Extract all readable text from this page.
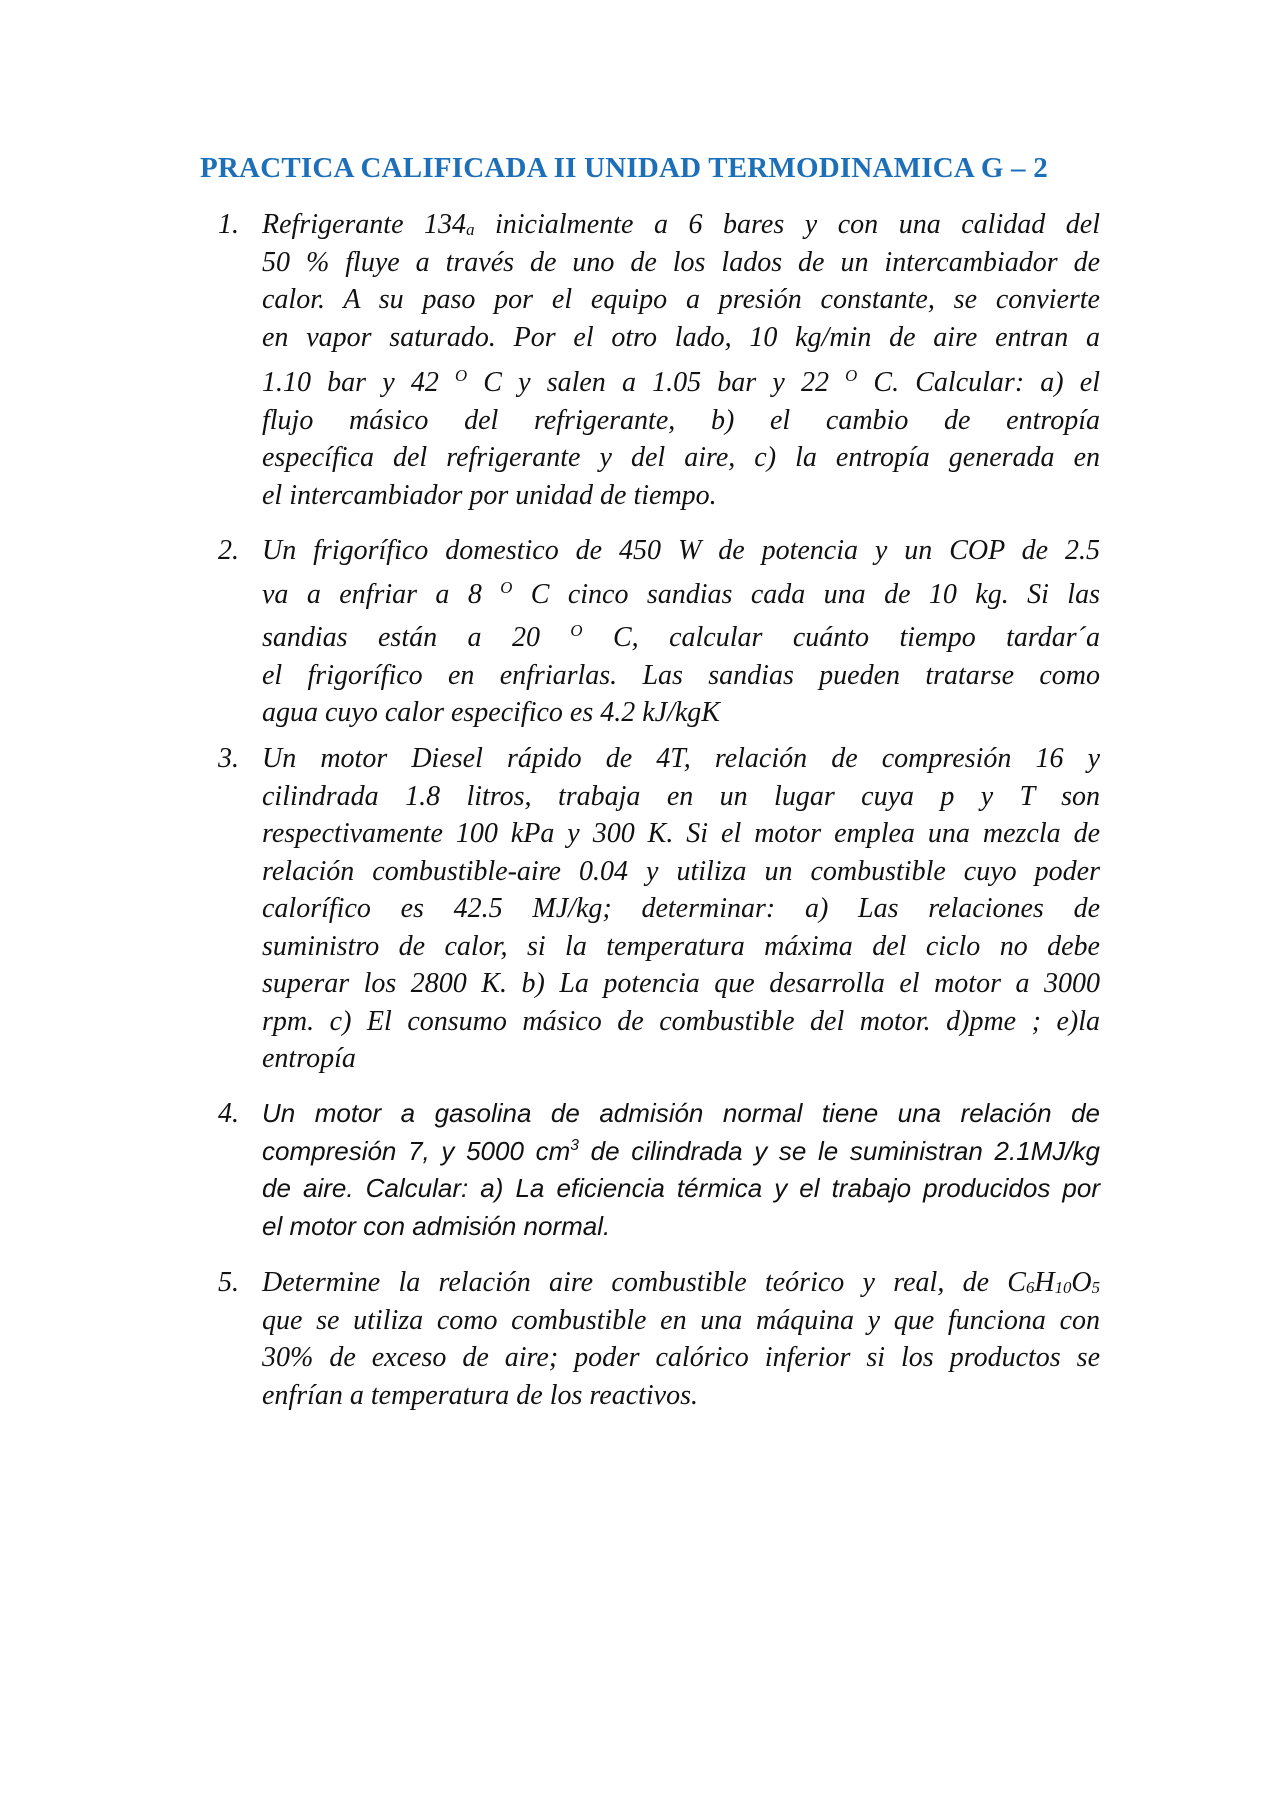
PRACTICA CALIFICADA II UNIDAD TERMODINAMICA G – 2
1. Refrigerante $134_a$ inicialmente a 6 bares y con una calidad del
50 % fluye a través de uno de los lados de un intercambiador de
calor. A su paso por el equipo a presión constante, se convierte
en vapor saturado. Por el otro lado, 10 kg/min de aire entran a
1.10 bar y 42 $^O$ C y salen a 1.05 bar y 22 $^O$ C. Calcular: a) el
flujo másico del refrigerante, b) el cambio de entropía
específica del refrigerante y del aire, c) la entropía generada en
el intercambiador por unidad de tiempo.
2. Un frigorífico domestico de 450 W de potencia y un COP de 2.5
va a enfriar a 8 $^O$ C cinco sandias cada una de 10 kg. Si las
sandias están a 20 $^O$ C, calcular cuánto tiempo tardar´a
el frigorífico en enfriarlas. Las sandias pueden tratarse como
agua cuyo calor especifico es 4.2 kJ/kgK
3. Un motor Diesel rápido de 4T, relación de compresión 16 y
cilindrada 1.8 litros, trabaja en un lugar cuya p y T son
respectivamente 100 kPa y 300 K. Si el motor emplea una mezcla de
relación combustible-aire 0.04 y utiliza un combustible cuyo poder
calorífico es 42.5 MJ/kg; determinar: a) Las relaciones de
suministro de calor, si la temperatura máxima del ciclo no debe
superar los 2800 K. b) La potencia que desarrolla el motor a 3000
rpm. c) El consumo másico de combustible del motor. d)pme ; e)la
entropía
4. Un motor a gasolina de admisión normal tiene una relación de
compresión 7, y 5000 $cm^3$ de cilindrada y se le suministran 2.1MJ/kg
de aire. Calcular: a) La eficiencia térmica y el trabajo producidos por
el motor con admisión normal.
5. Determine la relación aire combustible teórico y real, de $C_6H_{10}O_5$
que se utiliza como combustible en una máquina y que funciona con
30% de exceso de aire; poder calórico inferior si los productos se
enfrían a temperatura de los reactivos.
